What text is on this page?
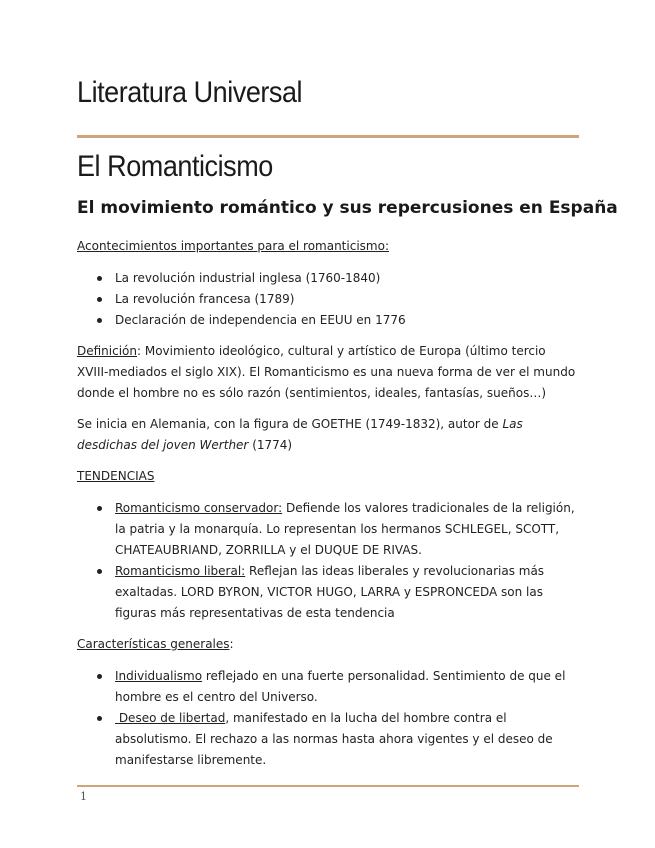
Literatura Universal
El Romanticismo
El movimiento romántico y sus repercusiones en España

Acontecimientos importantes para el romanticismo:

La revolución industrial inglesa (1760-1840)
La revolución francesa (1789)
Declaración de independencia en EEUU en 1776

Definición: Movimiento ideológico, cultural y artístico de Europa (último tercio XVIII-mediados el siglo XIX). El Romanticismo es una nueva forma de ver el mundo donde el hombre no es sólo razón (sentimientos, ideales, fantasías, sueños…)

Se inicia en Alemania, con la figura de GOETHE (1749-1832), autor de Las desdichas del joven Werther (1774)

TENDENCIAS

Romanticismo conservador: Defiende los valores tradicionales de la religión, la patria y la monarquía. Lo representan los hermanos SCHLEGEL, SCOTT, CHATEAUBRIAND, ZORRILLA y el DUQUE DE RIVAS.
Romanticismo liberal: Reflejan las ideas liberales y revolucionarias más exaltadas. LORD BYRON, VICTOR HUGO, LARRA y ESPRONCEDA son las figuras más representativas de esta tendencia

Características generales:

Individualismo reflejado en una fuerte personalidad. Sentimiento de que el hombre es el centro del Universo.
Deseo de libertad, manifestado en la lucha del hombre contra el absolutismo. El rechazo a las normas hasta ahora vigentes y el deseo de manifestarse libremente.
1
